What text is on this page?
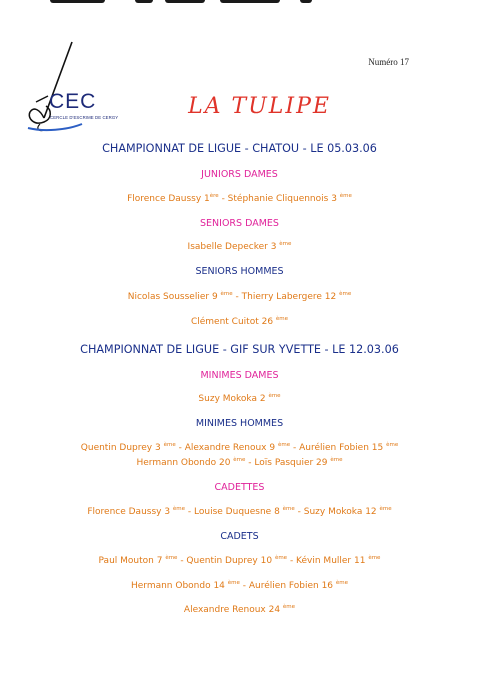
Numéro 17
CEC
CERCLE D'ESCRIME DE CERGY	LA TULIPE
CHAMPIONNAT DE LIGUE - CHATOU - LE 05.03.06
JUNIORS DAMES
Florence Daussy 1ère - Stéphanie Cliquennois 3 $^{ème}$
SENIORS DAMES
Isabelle Depecker 3 $^{ème}$
SENIORS HOMMES
Nicolas Sousselier 9 $^{ème}$ - Thierry Labergere 12 $^{ème}$
Clément Cuitot 26 $^{ème}$
CHAMPIONNAT DE LIGUE - GIF SUR YVETTE - LE 12.03.06
MINIMES DAMES
Suzy Mokoka 2 $^{ème}$
MINIMES HOMMES
Quentin Duprey 3 $^{ème}$ - Alexandre Renoux 9 $^{ème}$ - Aurélien Fobien 15 $^{ème}$
Hermann Obondo 20 $^{ème}$ - Loïs Pasquier 29 $^{ème}$
CADETTES
Florence Daussy 3 $^{ème}$ - Louise Duquesne 8 $^{ème}$ - Suzy Mokoka 12 $^{ème}$
CADETS
Paul Mouton 7 $^{ème}$ - Quentin Duprey 10 $^{ème}$ - Kévin Muller 11 $^{ème}$
Hermann Obondo 14 $^{ème}$ - Aurélien Fobien 16 $^{ème}$
Alexandre Renoux 24 $^{ème}$
